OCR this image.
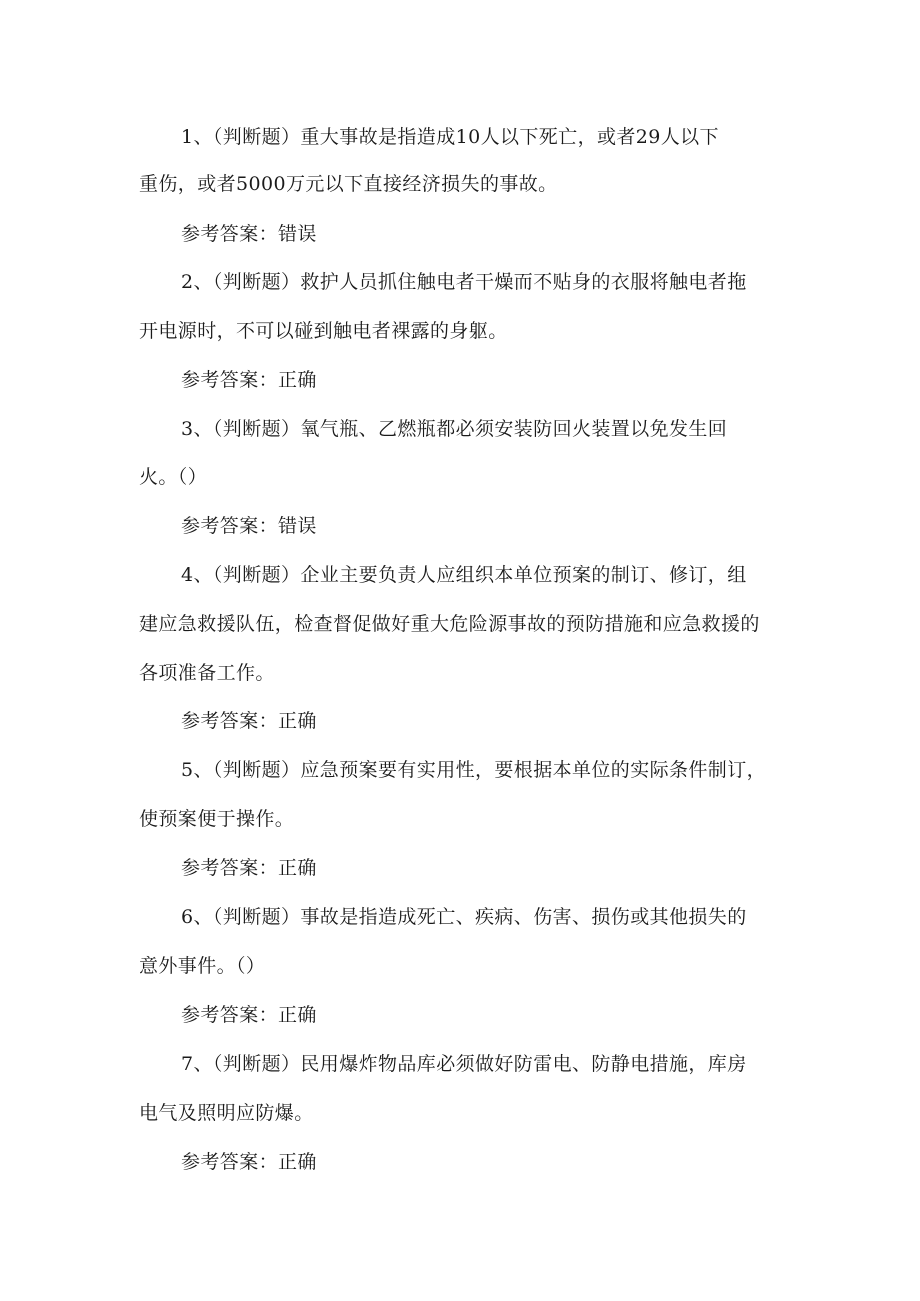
1、（判断题）重大事故是指造成10人以下死亡，或者29人以下
重伤，或者5000万元以下直接经济损失的事故。
参考答案：错误
2、（判断题）救护人员抓住触电者干燥而不贴身的衣服将触电者拖
开电源时，不可以碰到触电者裸露的身躯。
参考答案：正确
3、（判断题）氧气瓶、乙燃瓶都必须安装防回火装置以免发生回
火。（）
参考答案：错误
4、（判断题）企业主要负责人应组织本单位预案的制订、修订，组
建应急救援队伍，检查督促做好重大危险源事故的预防措施和应急救援的
各项准备工作。
参考答案：正确
5、（判断题）应急预案要有实用性，要根据本单位的实际条件制订，
使预案便于操作。
参考答案：正确
6、（判断题）事故是指造成死亡、疾病、伤害、损伤或其他损失的
意外事件。（）
参考答案：正确
7、（判断题）民用爆炸物品库必须做好防雷电、防静电措施，库房
电气及照明应防爆。
参考答案：正确
